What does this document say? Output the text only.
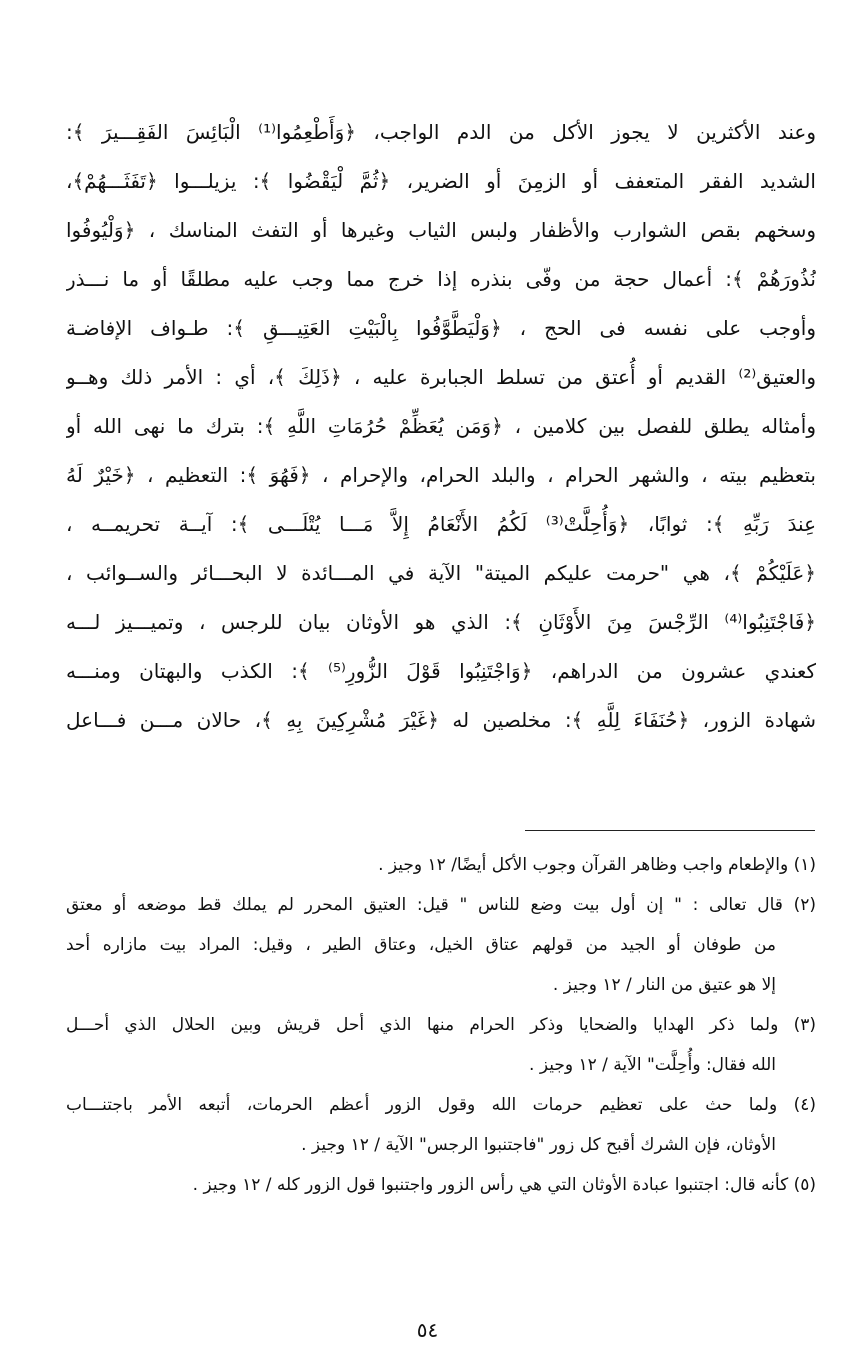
وعند الأكثرين لا يجوز الأكل من الدم الواجب، ﴿وَأَطْعِمُوا⁽¹⁾ الْبَائِسَ الفَقِـــيرَ ﴾:
الشديد الفقر المتعفف أو الزمِنَ أو الضرير، ﴿ثُمَّ لْيَقْضُوا ﴾: يزيلـــوا ﴿تَفَثَـــهُمْ﴾،
وسخهم بقص الشوارب والأظفار ولبس الثياب وغيرها أو التفث المناسك ، ﴿وَلْيُوفُوا
نُذُورَهُمْ ﴾: أعمال حجة من وفّى بنذره إذا خرج مما وجب عليه مطلقًا أو ما نـــذر
وأوجب على نفسه فى الحج ، ﴿وَلْيَطَّوَّفُوا بِالْبَيْتِ العَتِيـــقِ ﴾: طـواف الإفاضـة
والعتيق⁽²⁾ القديم أو أُعتق من تسلط الجبابرة عليه ، ﴿ذَلِكَ ﴾، أي : الأمر ذلك وهــو
وأمثاله يطلق للفصل بين كلامين ، ﴿وَمَن يُعَظِّمْ حُرُمَاتِ اللَّهِ ﴾: بترك ما نهى الله أو
بتعظيم بيته ، والشهر الحرام ، والبلد الحرام، والإحرام ، ﴿فَهُوَ ﴾: التعظيم ، ﴿خَيْرٌ لَهُ
عِندَ رَبِّهِ ﴾: ثوابًا، ﴿وَأُحِلَّتْ⁽³⁾ لَكُمُ الأَنْعَامُ إِلاَّ مَـــا يُتْلَـــى ﴾: آيــة تحريمــه ،
﴿عَلَيْكُمْ ﴾، هي "حرمت عليكم الميتة" الآية في المـــائدة لا البحـــائر والســوائب ،
﴿فَاجْتَنِبُوا⁽⁴⁾ الرِّجْسَ مِنَ الأَوْثَانِ ﴾: الذي هو الأوثان بيان للرجس ، وتميـــيز لـــه
كعندي عشرون من الدراهم، ﴿وَاجْتَنِبُوا قَوْلَ الزُّورِ⁽⁵⁾ ﴾: الكذب والبهتان ومنـــه
شهادة الزور، ﴿حُنَفَاءَ لِلَّهِ ﴾: مخلصين له ﴿غَيْرَ مُشْرِكِينَ بِهِ ﴾، حالان مـــن فـــاعل
(١) والإطعام واجب وظاهر القرآن وجوب الأكل أيضًا/ ١٢ وجيز .
(٢) قال تعالى : " إن أول بيت وضع للناس " قيل: العتيق المحرر لم يملك قط موضعه أو معتق
من طوفان أو الجيد من قولهم عتاق الخيل، وعتاق الطير ، وقيل: المراد بيت مازاره أحد
إلا هو عتيق من النار / ١٢ وجيز .
(٣) ولما ذكر الهدايا والضحايا وذكر الحرام منها الذي أحل قريش وبين الحلال الذي أحـــل
الله فقال: وأُحِلَّت" الآية / ١٢ وجيز .
(٤) ولما حث على تعظيم حرمات الله وقول الزور أعظم الحرمات، أتبعه الأمر باجتنـــاب
الأوثان، فإن الشرك أقبح كل زور "فاجتنبوا الرجس" الآية / ١٢ وجيز .
(٥) كأنه قال: اجتنبوا عبادة الأوثان التي هي رأس الزور واجتنبوا قول الزور كله / ١٢ وجيز .
٥٤
